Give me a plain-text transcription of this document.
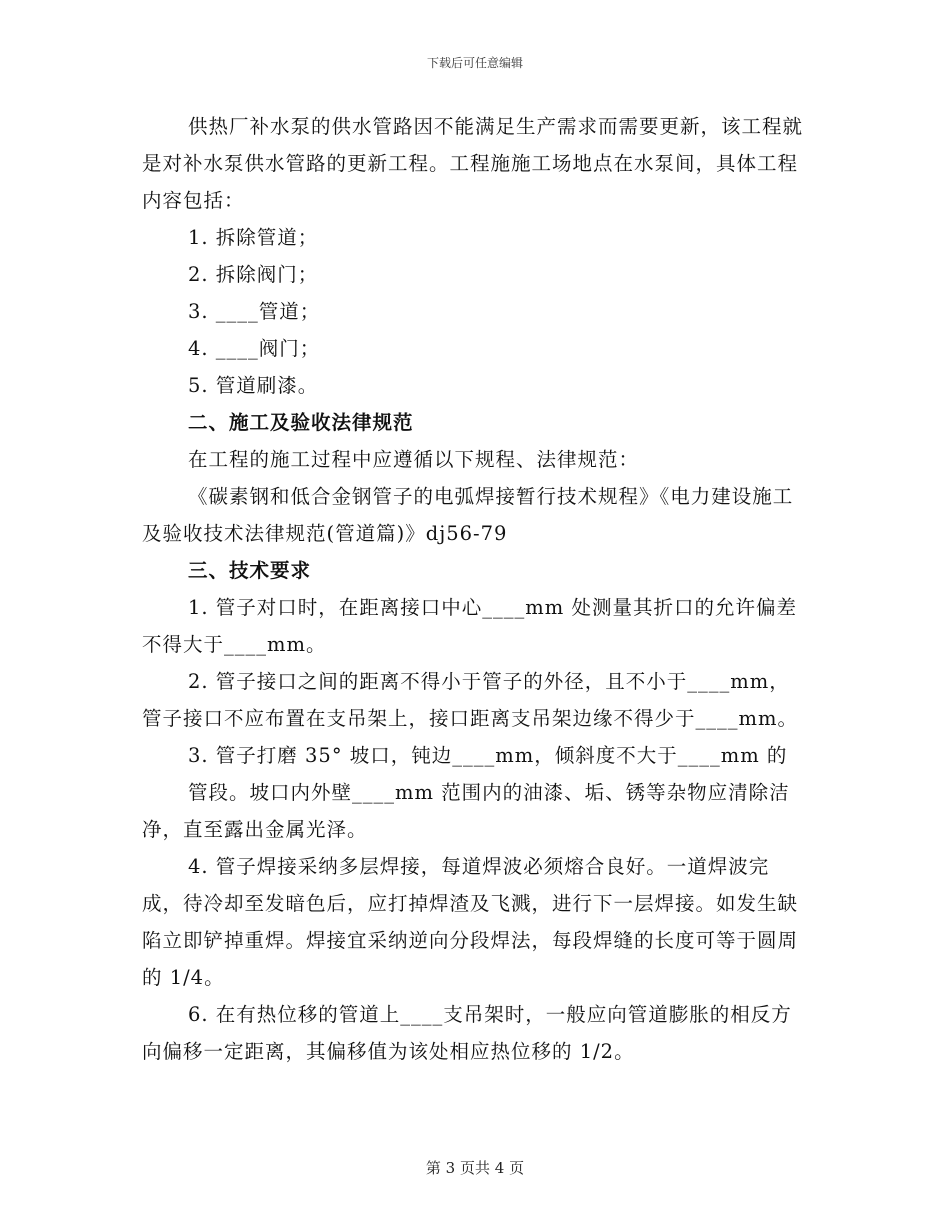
下载后可任意编辑

供热厂补水泵的供水管路因不能满足生产需求而需要更新，该工程就是对补水泵供水管路的更新工程。工程施施工场地点在水泵间，具体工程内容包括：

1. 拆除管道；

2. 拆除阀门；

3. ____管道；

4. ____阀门；

5. 管道刷漆。

二、施工及验收法律规范

在工程的施工过程中应遵循以下规程、法律规范：

《碳素钢和低合金钢管子的电弧焊接暂行技术规程》《电力建设施工及验收技术法律规范(管道篇)》dj56-79

三、技术要求

1. 管子对口时，在距离接口中心____mm 处测量其折口的允许偏差不得大于____mm。

2. 管子接口之间的距离不得小于管子的外径，且不小于____mm，管子接口不应布置在支吊架上，接口距离支吊架边缘不得少于____mm。

3. 管子打磨 35° 坡口，钝边____mm，倾斜度不大于____mm 的

管段。坡口内外壁____mm 范围内的油漆、垢、锈等杂物应清除洁净，直至露出金属光泽。

4. 管子焊接采纳多层焊接，每道焊波必须熔合良好。一道焊波完成，待冷却至发暗色后，应打掉焊渣及飞溅，进行下一层焊接。如发生缺陷立即铲掉重焊。焊接宜采纳逆向分段焊法，每段焊缝的长度可等于圆周的 1/4。

6. 在有热位移的管道上____支吊架时，一般应向管道膨胀的相反方向偏移一定距离，其偏移值为该处相应热位移的 1/2。

第 3 页共 4 页
